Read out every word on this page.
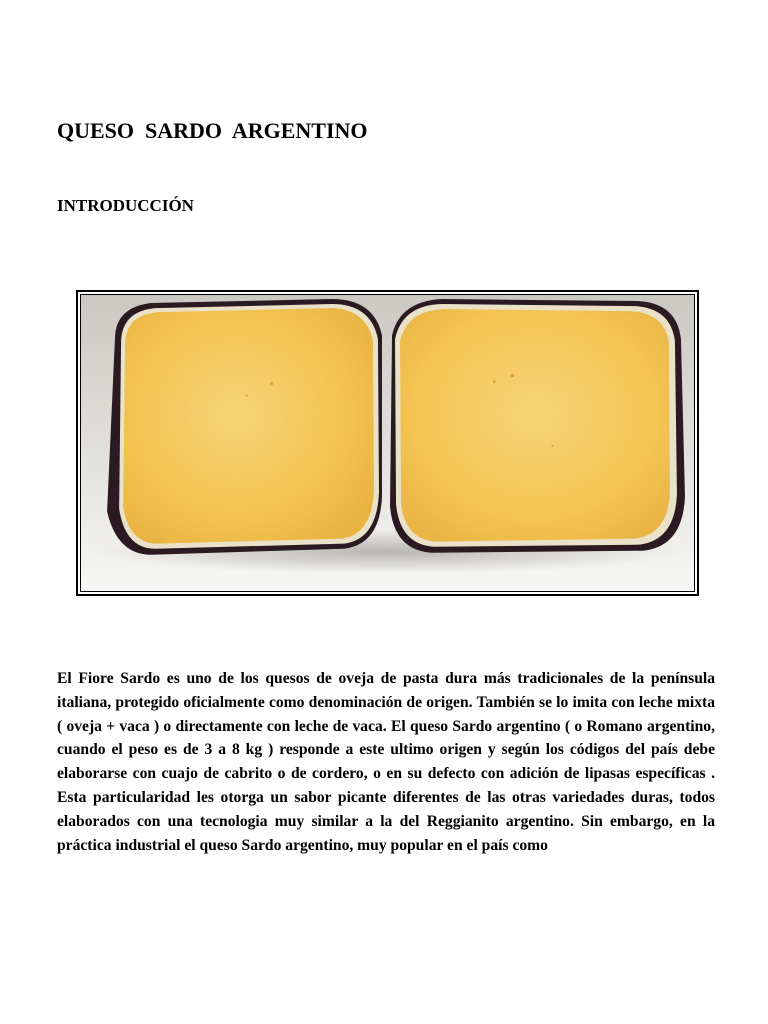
QUESO  SARDO  ARGENTINO
INTRODUCCIÓN

El Fiore Sardo es uno de los quesos de oveja de pasta dura más tradicionales de la península italiana, protegido oficialmente como denominación de origen. También se lo imita con leche mixta ( oveja + vaca ) o directamente con leche de vaca. El queso Sardo argentino ( o Romano argentino, cuando el peso es de 3 a 8 kg ) responde a este ultimo origen y según los códigos del país debe elaborarse con cuajo de cabrito o de cordero, o en su defecto con adición de lipasas específicas . Esta particularidad les otorga un sabor picante diferentes de las otras variedades duras, todos elaborados con una tecnologia muy similar a la del Reggianito argentino. Sin embargo, en la práctica industrial el queso Sardo argentino, muy popular en el país como
